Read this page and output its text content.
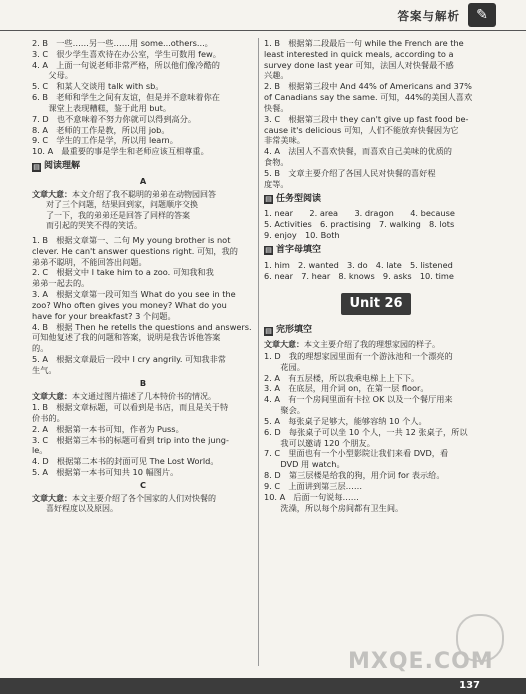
答案与解析	✎
2. B　一些……另一些……用 some...others...。
3. C　很少学生喜欢待在办公室，学生可数用 few。
4. A　上面一句说老师非常严格，所以他们像冷酷的
　　父母。
5. C　和某人交谈用 talk with sb。
6. B　老师和学生之间有友谊，但是并不意味着你在
　　课堂上表现糟糕，鉴于此用 but。
7. D　也不意味着不努力你就可以得到高分。
8. A　老师的工作是教，所以用 job。
9. C　学生的工作是学，所以用 learn。
10. A　最重要的事是学生和老师应该互相尊重。
▤ 阅读理解
A
文章大意：本文介绍了我不聪明的弟弟在动物园回答
对了三个问题，结果回到家，问题顺序交换
了一下，我的弟弟还是回答了同样的答案
而引起的哭笑不得的笑话。
1. B　根据文章第一、二句 My young brother is not
clever. He can't answer questions right. 可知，我的
弟弟不聪明，不能回答出问题。
2. C　根据文中 I take him to a zoo. 可知我和我
弟弟一起去的。
3. A　根据文章第一段可知当 What do you see in the
zoo? Who often gives you money? What do you
have for your breakfast? 3 个问题。
4. B　根据 Then he retells the questions and answers.
可知他复述了我的问题和答案，说明是我告诉他答案
的。
5. A　根据文章最后一段中 I cry angrily. 可知我非常
生气。
B
文章大意：本文通过图片描述了几本特价书的情况。
1. B　根据文章标题，可以看到是书店，而且是关于特
价书的。
2. A　根据第一本书可知，作者为 Puss。
3. C　根据第三本书的标题可看到 trip into the jung-
le。
4. D　根据第二本书的封面可见 The Lost World。
5. A　根据第一本书可知共 10 幅图片。
C
文章大意：本文主要介绍了各个国家的人们对快餐的
喜好程度以及原因。
1. B　根据第二段最后一句 while the French are the
least interested in quick meals, according to a
survey done last year 可知，法国人对快餐最不感
兴趣。
2. B　根据第三段中 And 44% of Americans and 37%
of Canadians say the same. 可知，44%的美国人喜欢
快餐。
3. C　根据第三段中 they can't give up fast food be-
cause it's delicious 可知，人们不能放弃快餐因为它
非常美味。
4. A　法国人不喜欢快餐，而喜欢自己美味的优质的
食物。
5. B　文章主要介绍了各国人民对快餐的喜好程
度等。
▤ 任务型阅读
1. near　　2. area　　3. dragon　　4. because
5. Activities　6. practising　7. walking　8. lots
9. enjoy　10. Both
▤ 首字母填空
1. him　2. wanted　3. do　4. late　5. listened
6. near　7. hear　8. knows　9. asks　10. time
Unit 26
▤ 完形填空
文章大意：本文主要介绍了我的理想家园的样子。
1. D　我的理想家园里面有一个游泳池和一个漂亮的
　　花园。
2. A　有五层楼，所以我乘电梯上上下下。
3. A　在底层，用介词 on，在第一层 floor。
4. A　有一个房间里面有卡拉 OK 以及一个餐厅用来
　　聚会。
5. A　每张桌子足够大，能够容纳 10 个人。
6. D　每张桌子可以坐 10 个人，一共 12 张桌子，所以
　　我可以邀请 120 个朋友。
7. C　里面也有一个小型影院让我们来看 DVD，看
　　DVD 用 watch。
8. D　第三层楼是给我的狗，用介词 for 表示给。
9. C　上面讲到第三层……
10. A　后面一句说每……
　　洗澡，所以每个房间都有卫生间。
MXQE.COM
137
